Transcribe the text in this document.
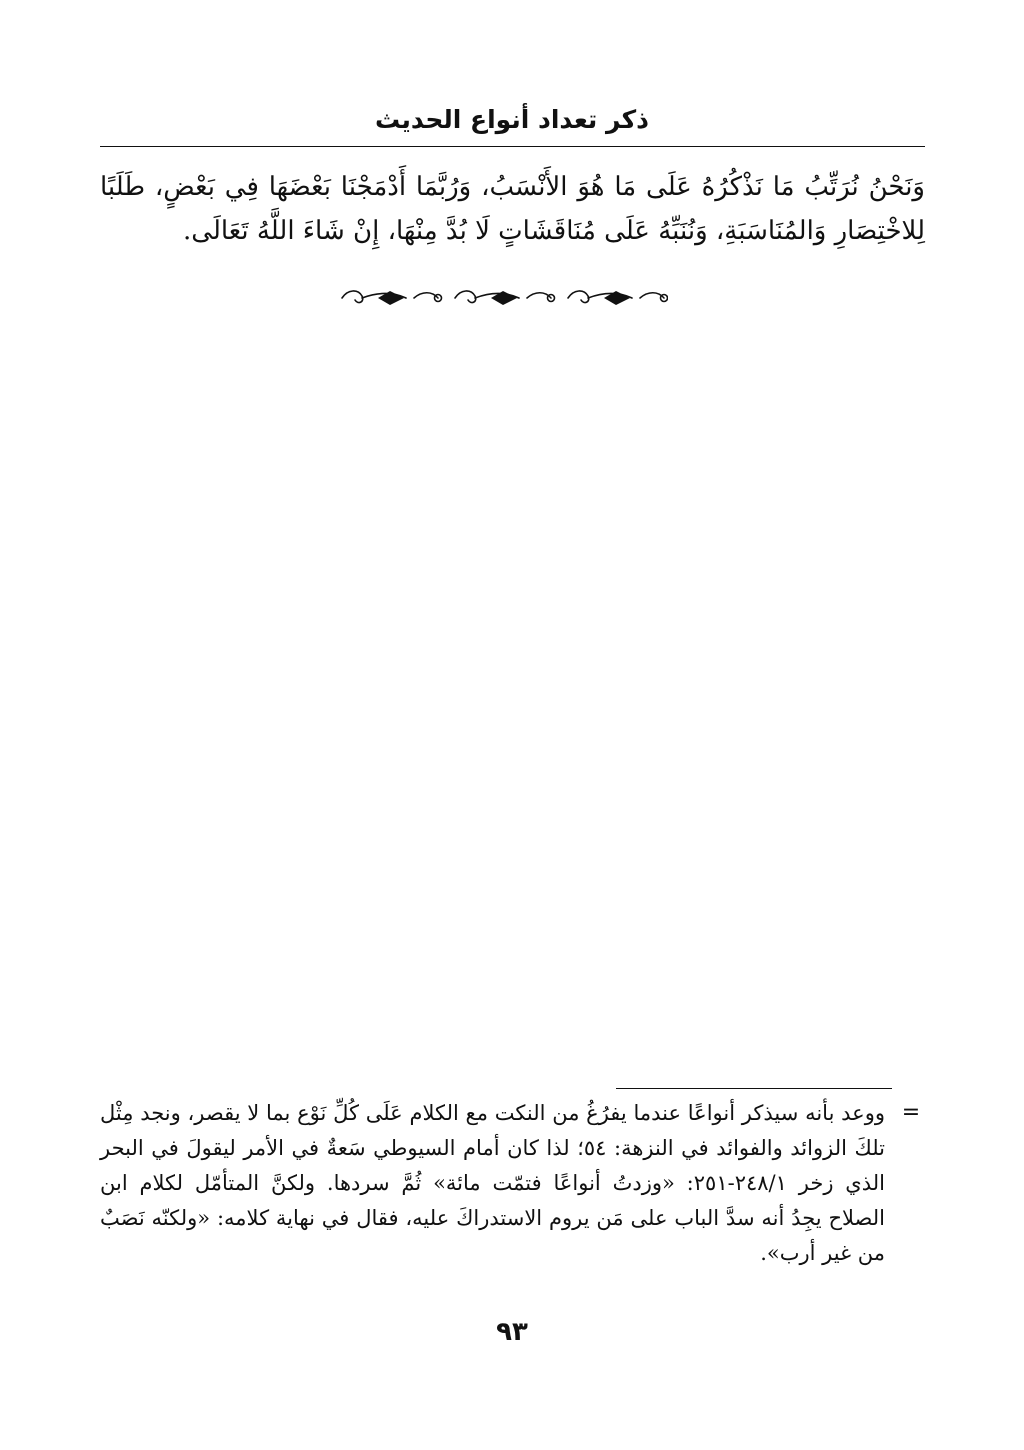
ذكر تعداد أنواع الحديث

وَنَحْنُ نُرَتِّبُ مَا نَذْكُرُهُ عَلَى مَا هُوَ الأَنْسَبُ، وَرُبَّمَا أَدْمَجْنَا بَعْضَهَا فِي بَعْضٍ، طَلَبًا لِلاخْتِصَارِ وَالمُنَاسَبَةِ، وَنُنَبِّهُ عَلَى مُنَاقَشَاتٍ لَا بُدَّ مِنْهَا، إِنْ شَاءَ اللَّهُ تَعَالَى.

=

ووعد بأنه سيذكر أنواعًا عندما يفرُغُ من النكت مع الكلام عَلَى كُلِّ نَوْع بما لا يقصر، ونجد مِثْل تلكَ الزوائد والفوائد في النزهة: ٥٤؛ لذا كان أمام السيوطي سَعةٌ في الأمر ليقولَ في البحر الذي زخر ٢٤٨/١-٢٥١: «وزدتُ أنواعًا فتمّت مائة» ثُمَّ سردها. ولكنَّ المتأمّل لكلام ابن الصلاح يجِدُ أنه سدَّ الباب على مَن يروم الاستدراكَ عليه، فقال في نهاية كلامه: «ولكنّه نَصَبٌ من غير أرب».

٩٣
